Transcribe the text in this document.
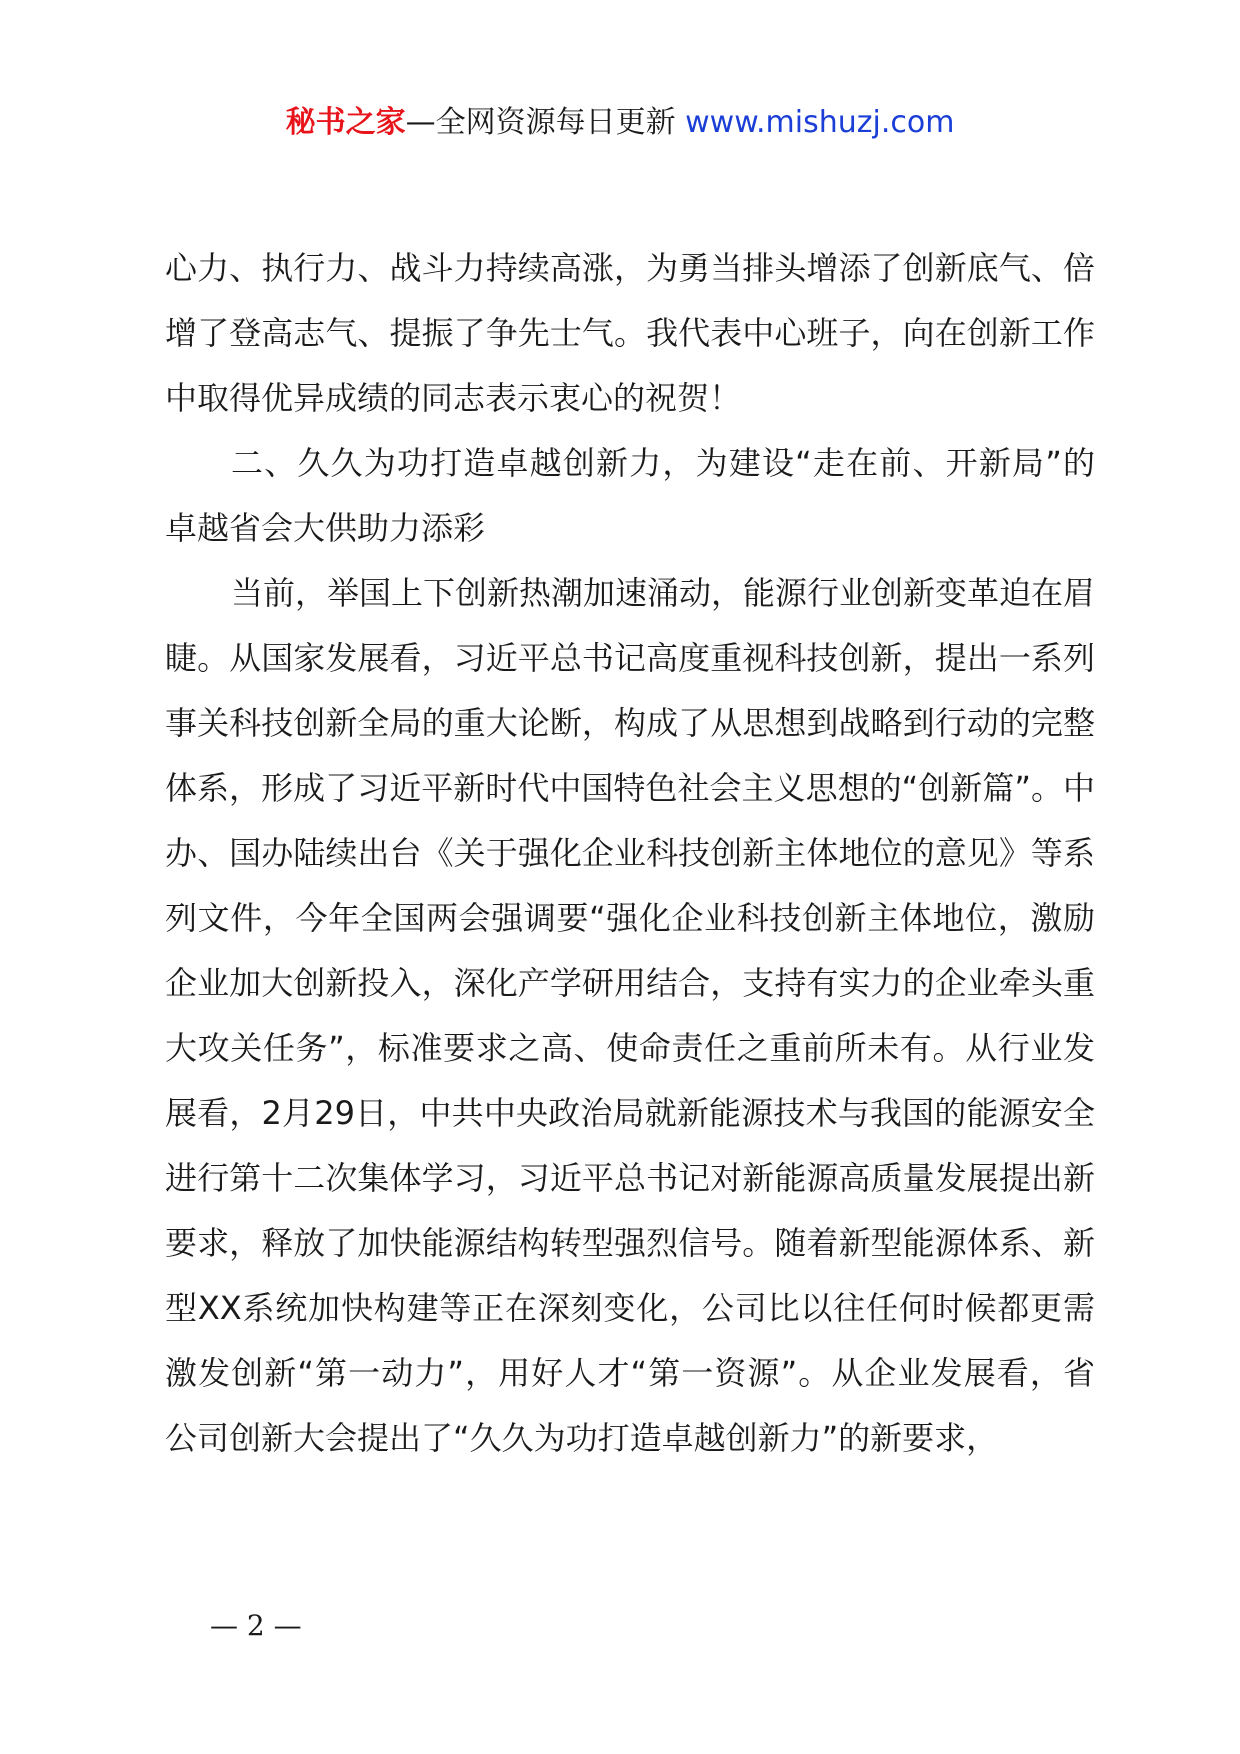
秘书之家—全网资源每日更新 www.mishuzj.com

心力、执行力、战斗力持续高涨，为勇当排头增添了创新底气、倍增了登高志气、提振了争先士气。我代表中心班子，向在创新工作中取得优异成绩的同志表示衷心的祝贺！

二、久久为功打造卓越创新力，为建设“走在前、开新局”的卓越省会大供助力添彩

当前，举国上下创新热潮加速涌动，能源行业创新变革迫在眉睫。从国家发展看，习近平总书记高度重视科技创新，提出一系列事关科技创新全局的重大论断，构成了从思想到战略到行动的完整体系，形成了习近平新时代中国特色社会主义思想的“创新篇”。中办、国办陆续出台《关于强化企业科技创新主体地位的意见》等系列文件，今年全国两会强调要“强化企业科技创新主体地位，激励企业加大创新投入，深化产学研用结合，支持有实力的企业牵头重大攻关任务”，标准要求之高、使命责任之重前所未有。从行业发展看，2月29日，中共中央政治局就新能源技术与我国的能源安全进行第十二次集体学习，习近平总书记对新能源高质量发展提出新要求，释放了加快能源结构转型强烈信号。随着新型能源体系、新型XX系统加快构建等正在深刻变化，公司比以往任何时候都更需激发创新“第一动力”，用好人才“第一资源”。从企业发展看，省公司创新大会提出了“久久为功打造卓越创新力”的新要求，

— 2 —
